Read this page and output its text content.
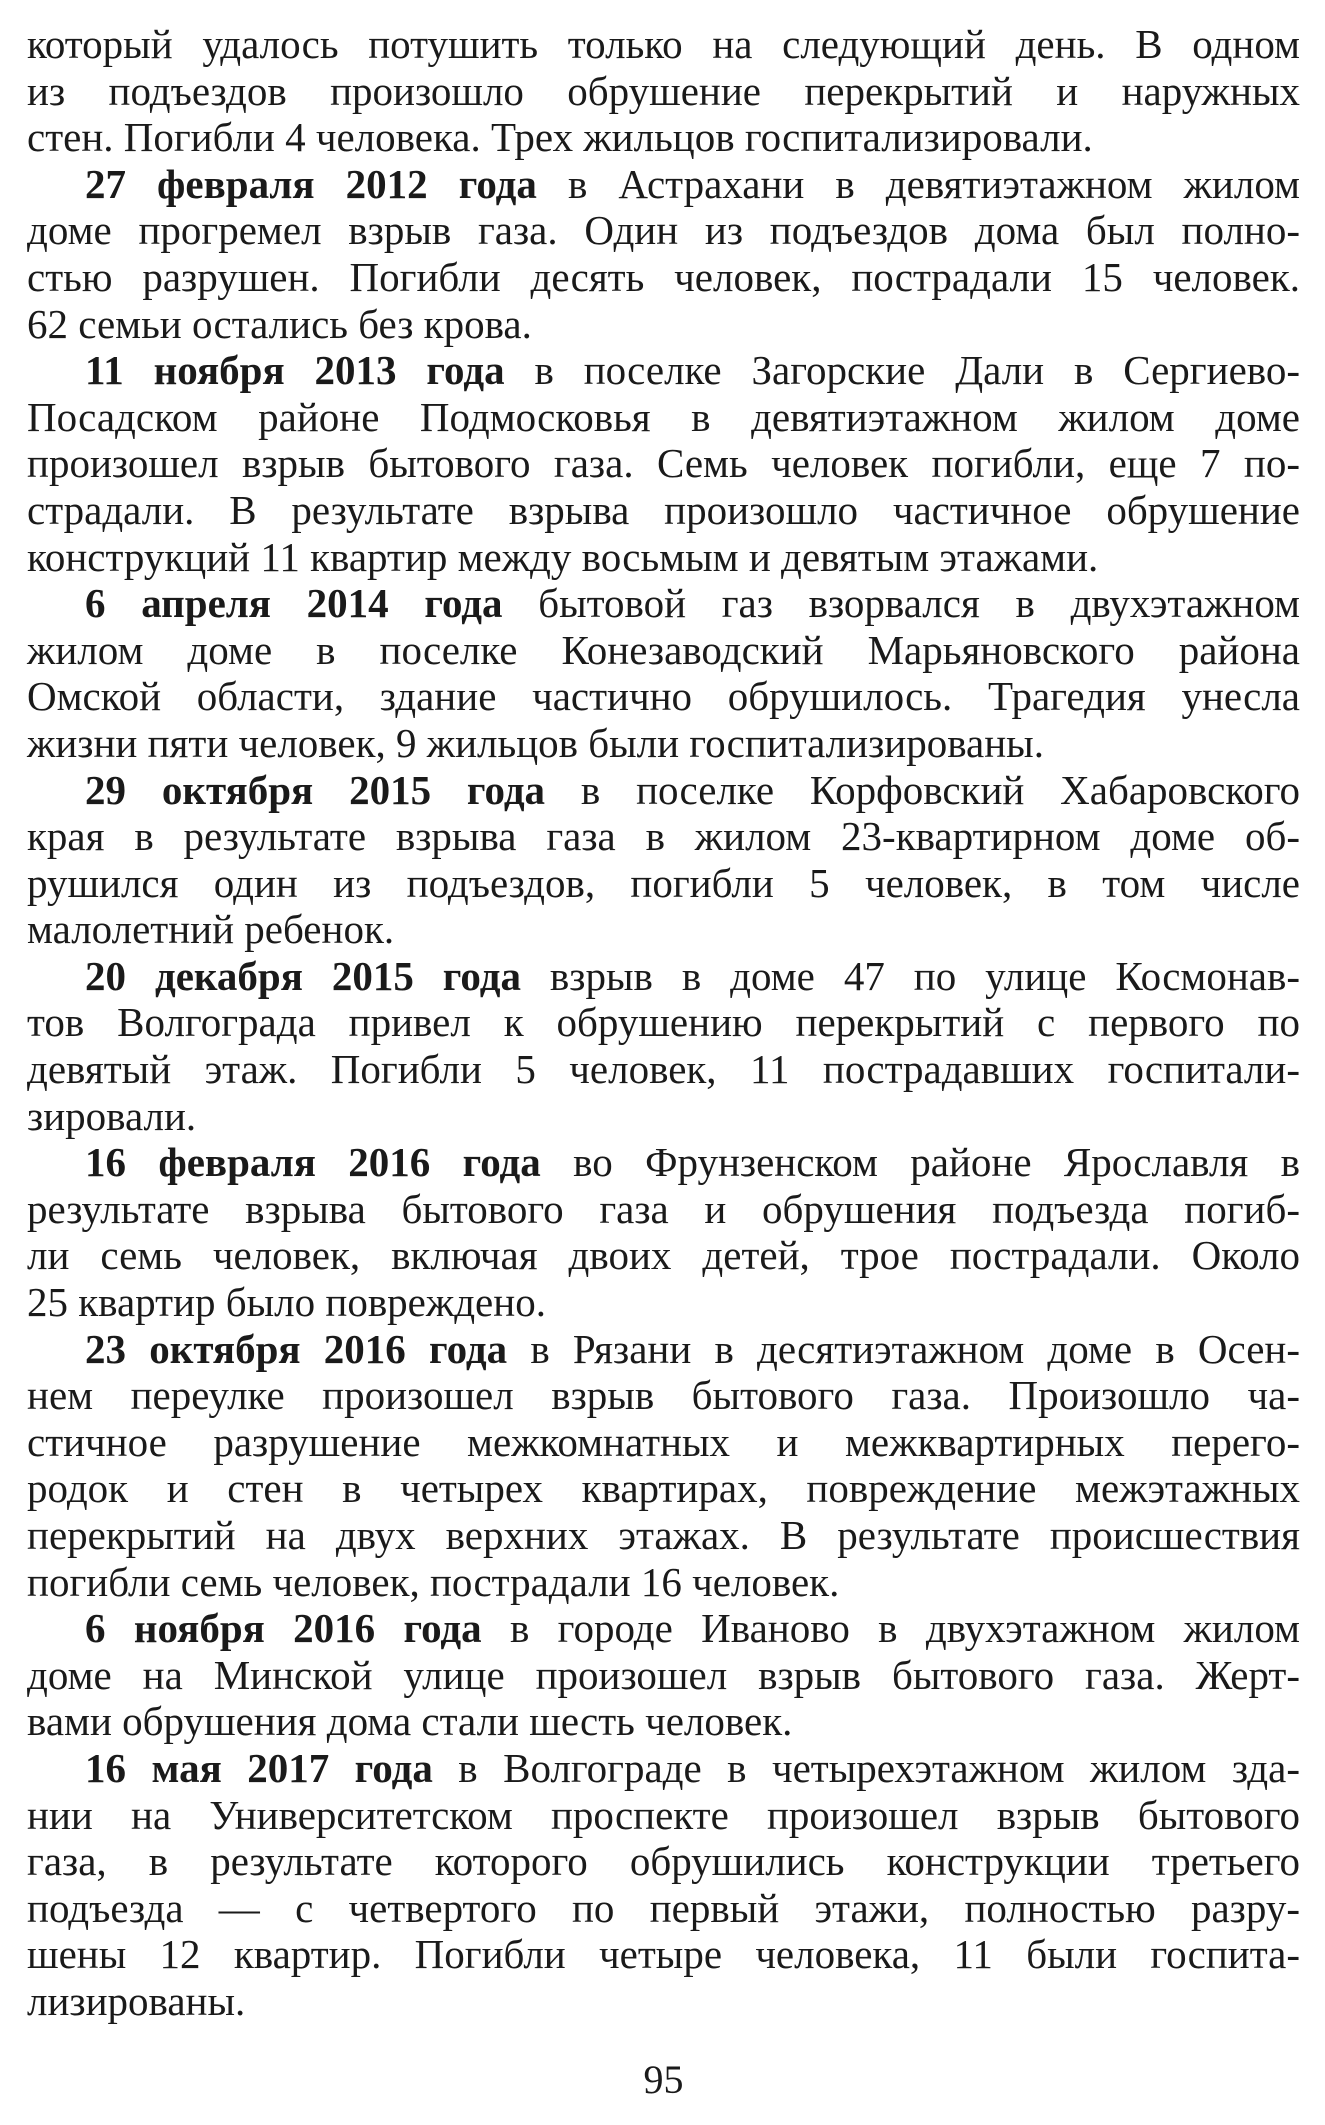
который удалось потушить только на следующий день. В одном
из подъездов произошло обрушение перекрытий и наружных
стен. Погибли 4 человека. Трех жильцов госпитализировали.
27 февраля 2012 года в Астрахани в девятиэтажном жилом
доме прогремел взрыв газа. Один из подъездов дома был полно-
стью разрушен. Погибли десять человек, пострадали 15 человек.
62 семьи остались без крова.
11 ноября 2013 года в поселке Загорские Дали в Сергиево-
Посадском районе Подмосковья в девятиэтажном жилом доме
произошел взрыв бытового газа. Семь человек погибли, еще 7 по-
страдали. В результате взрыва произошло частичное обрушение
конструкций 11 квартир между восьмым и девятым этажами.
6 апреля 2014 года бытовой газ взорвался в двухэтажном
жилом доме в поселке Конезаводский Марьяновского района
Омской области, здание частично обрушилось. Трагедия унесла
жизни пяти человек, 9 жильцов были госпитализированы.
29 октября 2015 года в поселке Корфовский Хабаровского
края в результате взрыва газа в жилом 23-квартирном доме об-
рушился один из подъездов, погибли 5 человек, в том числе
малолетний ребенок.
20 декабря 2015 года взрыв в доме 47 по улице Космонав-
тов Волгограда привел к обрушению перекрытий с первого по
девятый этаж. Погибли 5 человек, 11 пострадавших госпитали-
зировали.
16 февраля 2016 года во Фрунзенском районе Ярославля в
результате взрыва бытового газа и обрушения подъезда погиб-
ли семь человек, включая двоих детей, трое пострадали. Около
25 квартир было повреждено.
23 октября 2016 года в Рязани в десятиэтажном доме в Осен-
нем переулке произошел взрыв бытового газа. Произошло ча-
стичное разрушение межкомнатных и межквартирных перего-
родок и стен в четырех квартирах, повреждение межэтажных
перекрытий на двух верхних этажах. В результате происшествия
погибли семь человек, пострадали 16 человек.
6 ноября 2016 года в городе Иваново в двухэтажном жилом
доме на Минской улице произошел взрыв бытового газа. Жерт-
вами обрушения дома стали шесть человек.
16 мая 2017 года в Волгограде в четырехэтажном жилом зда-
нии на Университетском проспекте произошел взрыв бытового
газа, в результате которого обрушились конструкции третьего
подъезда — с четвертого по первый этажи, полностью разру-
шены 12 квартир. Погибли четыре человека, 11 были госпита-
лизированы.
95
